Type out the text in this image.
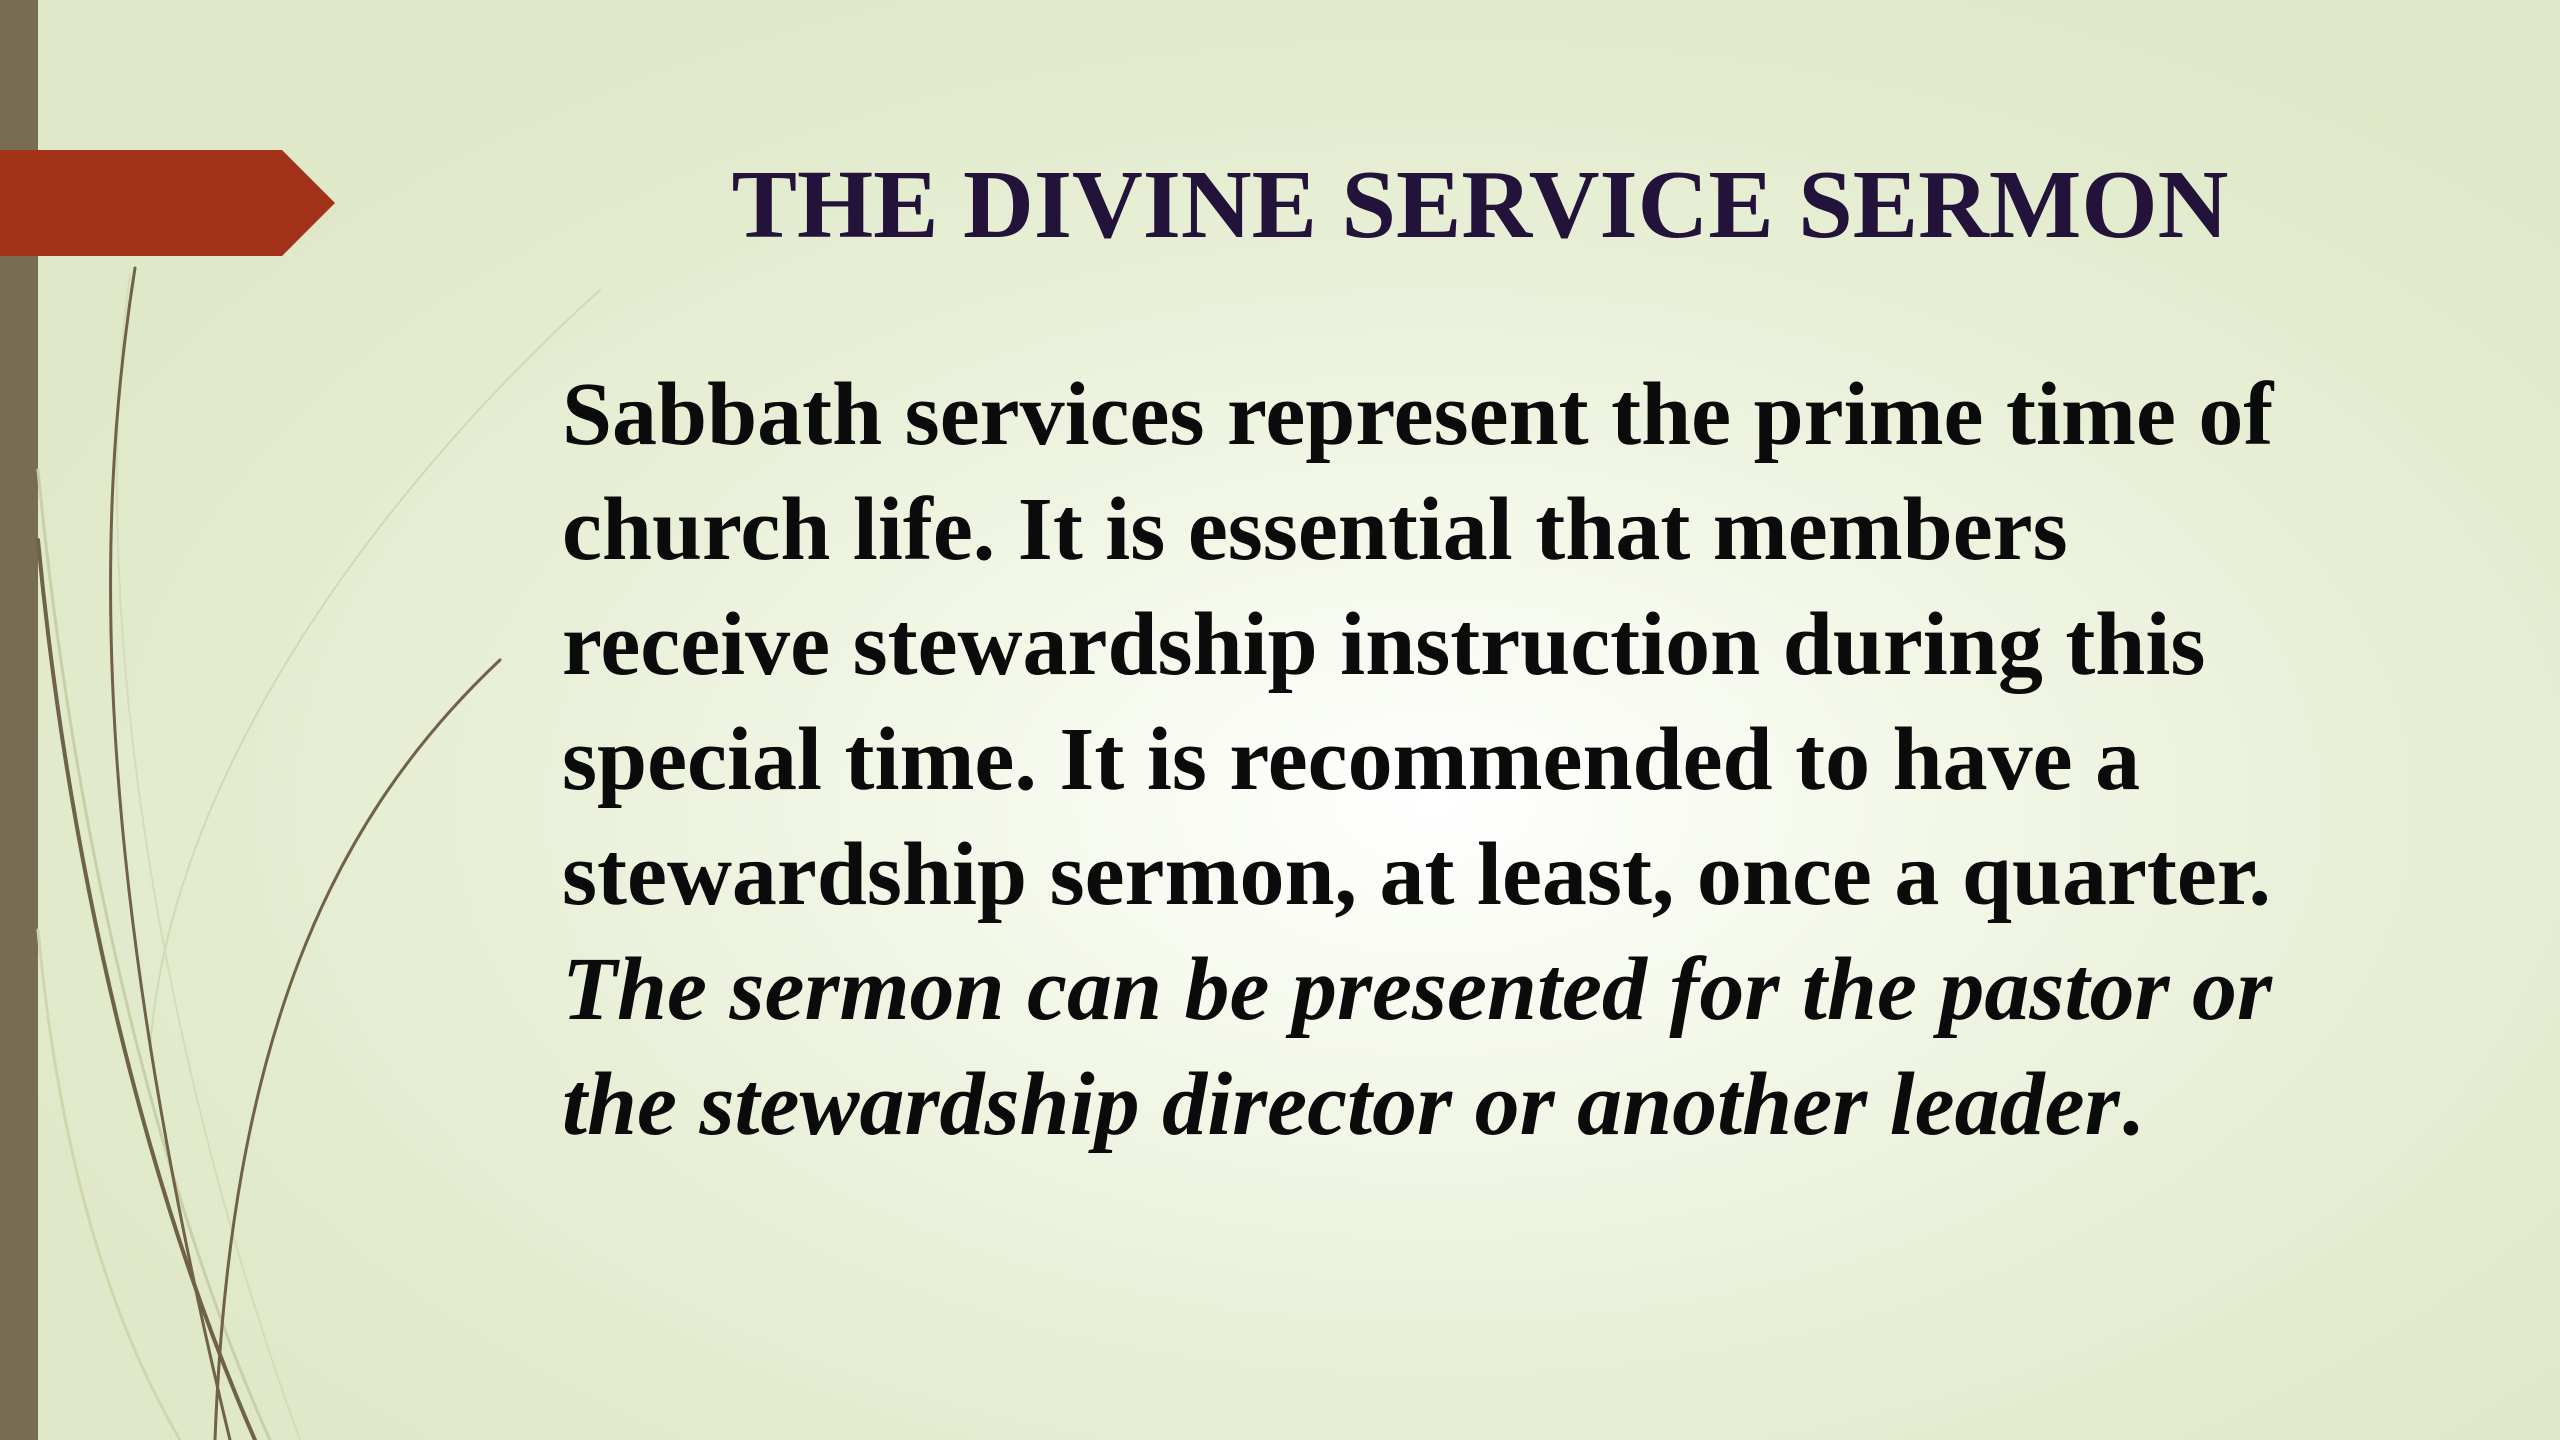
THE DIVINE SERVICE SERMON
Sabbath services represent the prime time of
church life. It is essential that members
receive stewardship instruction during this
special time. It is recommended to have a
stewardship sermon, at least, once a quarter.
The sermon can be presented for the pastor or
the stewardship director or another leader.
